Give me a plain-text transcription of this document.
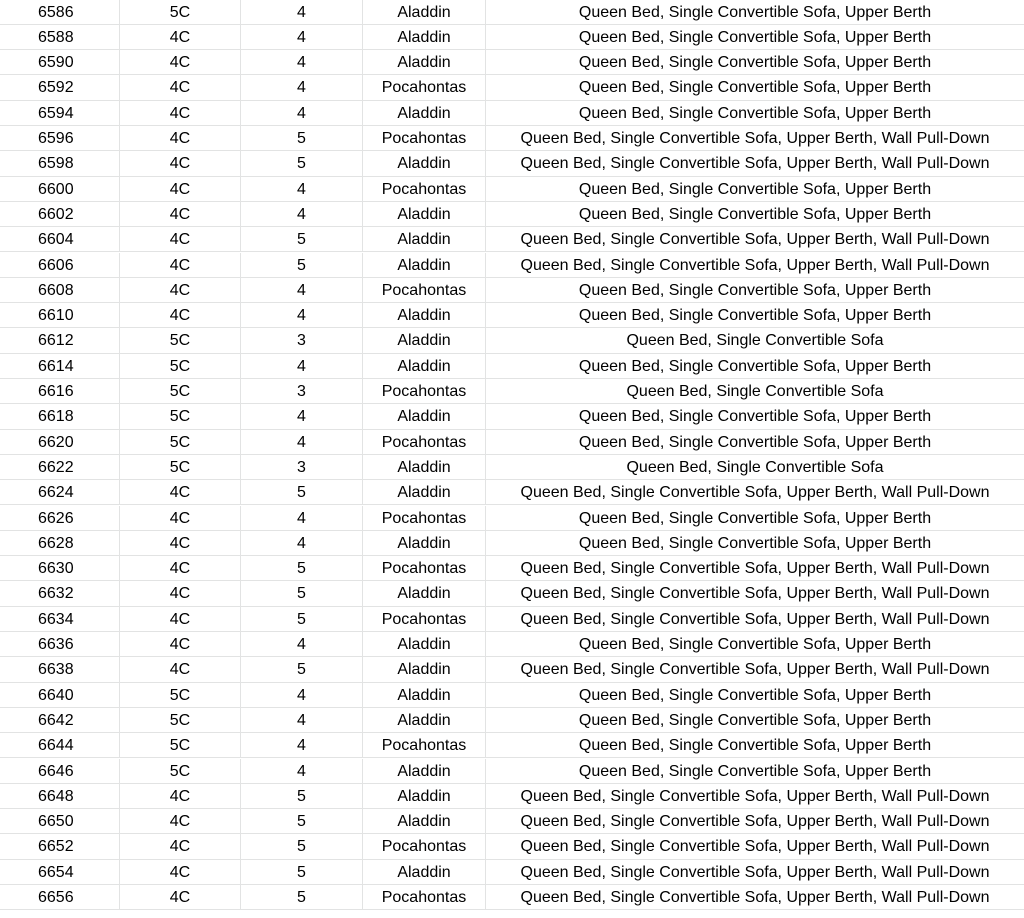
6586	5C	4	Aladdin	Queen Bed, Single Convertible Sofa, Upper Berth
6588	4C	4	Aladdin	Queen Bed, Single Convertible Sofa, Upper Berth
6590	4C	4	Aladdin	Queen Bed, Single Convertible Sofa, Upper Berth
6592	4C	4	Pocahontas	Queen Bed, Single Convertible Sofa, Upper Berth
6594	4C	4	Aladdin	Queen Bed, Single Convertible Sofa, Upper Berth
6596	4C	5	Pocahontas	Queen Bed, Single Convertible Sofa, Upper Berth, Wall Pull-Down
6598	4C	5	Aladdin	Queen Bed, Single Convertible Sofa, Upper Berth, Wall Pull-Down
6600	4C	4	Pocahontas	Queen Bed, Single Convertible Sofa, Upper Berth
6602	4C	4	Aladdin	Queen Bed, Single Convertible Sofa, Upper Berth
6604	4C	5	Aladdin	Queen Bed, Single Convertible Sofa, Upper Berth, Wall Pull-Down
6606	4C	5	Aladdin	Queen Bed, Single Convertible Sofa, Upper Berth, Wall Pull-Down
6608	4C	4	Pocahontas	Queen Bed, Single Convertible Sofa, Upper Berth
6610	4C	4	Aladdin	Queen Bed, Single Convertible Sofa, Upper Berth
6612	5C	3	Aladdin	Queen Bed, Single Convertible Sofa
6614	5C	4	Aladdin	Queen Bed, Single Convertible Sofa, Upper Berth
6616	5C	3	Pocahontas	Queen Bed, Single Convertible Sofa
6618	5C	4	Aladdin	Queen Bed, Single Convertible Sofa, Upper Berth
6620	5C	4	Pocahontas	Queen Bed, Single Convertible Sofa, Upper Berth
6622	5C	3	Aladdin	Queen Bed, Single Convertible Sofa
6624	4C	5	Aladdin	Queen Bed, Single Convertible Sofa, Upper Berth, Wall Pull-Down
6626	4C	4	Pocahontas	Queen Bed, Single Convertible Sofa, Upper Berth
6628	4C	4	Aladdin	Queen Bed, Single Convertible Sofa, Upper Berth
6630	4C	5	Pocahontas	Queen Bed, Single Convertible Sofa, Upper Berth, Wall Pull-Down
6632	4C	5	Aladdin	Queen Bed, Single Convertible Sofa, Upper Berth, Wall Pull-Down
6634	4C	5	Pocahontas	Queen Bed, Single Convertible Sofa, Upper Berth, Wall Pull-Down
6636	4C	4	Aladdin	Queen Bed, Single Convertible Sofa, Upper Berth
6638	4C	5	Aladdin	Queen Bed, Single Convertible Sofa, Upper Berth, Wall Pull-Down
6640	5C	4	Aladdin	Queen Bed, Single Convertible Sofa, Upper Berth
6642	5C	4	Aladdin	Queen Bed, Single Convertible Sofa, Upper Berth
6644	5C	4	Pocahontas	Queen Bed, Single Convertible Sofa, Upper Berth
6646	5C	4	Aladdin	Queen Bed, Single Convertible Sofa, Upper Berth
6648	4C	5	Aladdin	Queen Bed, Single Convertible Sofa, Upper Berth, Wall Pull-Down
6650	4C	5	Aladdin	Queen Bed, Single Convertible Sofa, Upper Berth, Wall Pull-Down
6652	4C	5	Pocahontas	Queen Bed, Single Convertible Sofa, Upper Berth, Wall Pull-Down
6654	4C	5	Aladdin	Queen Bed, Single Convertible Sofa, Upper Berth, Wall Pull-Down
6656	4C	5	Pocahontas	Queen Bed, Single Convertible Sofa, Upper Berth, Wall Pull-Down
